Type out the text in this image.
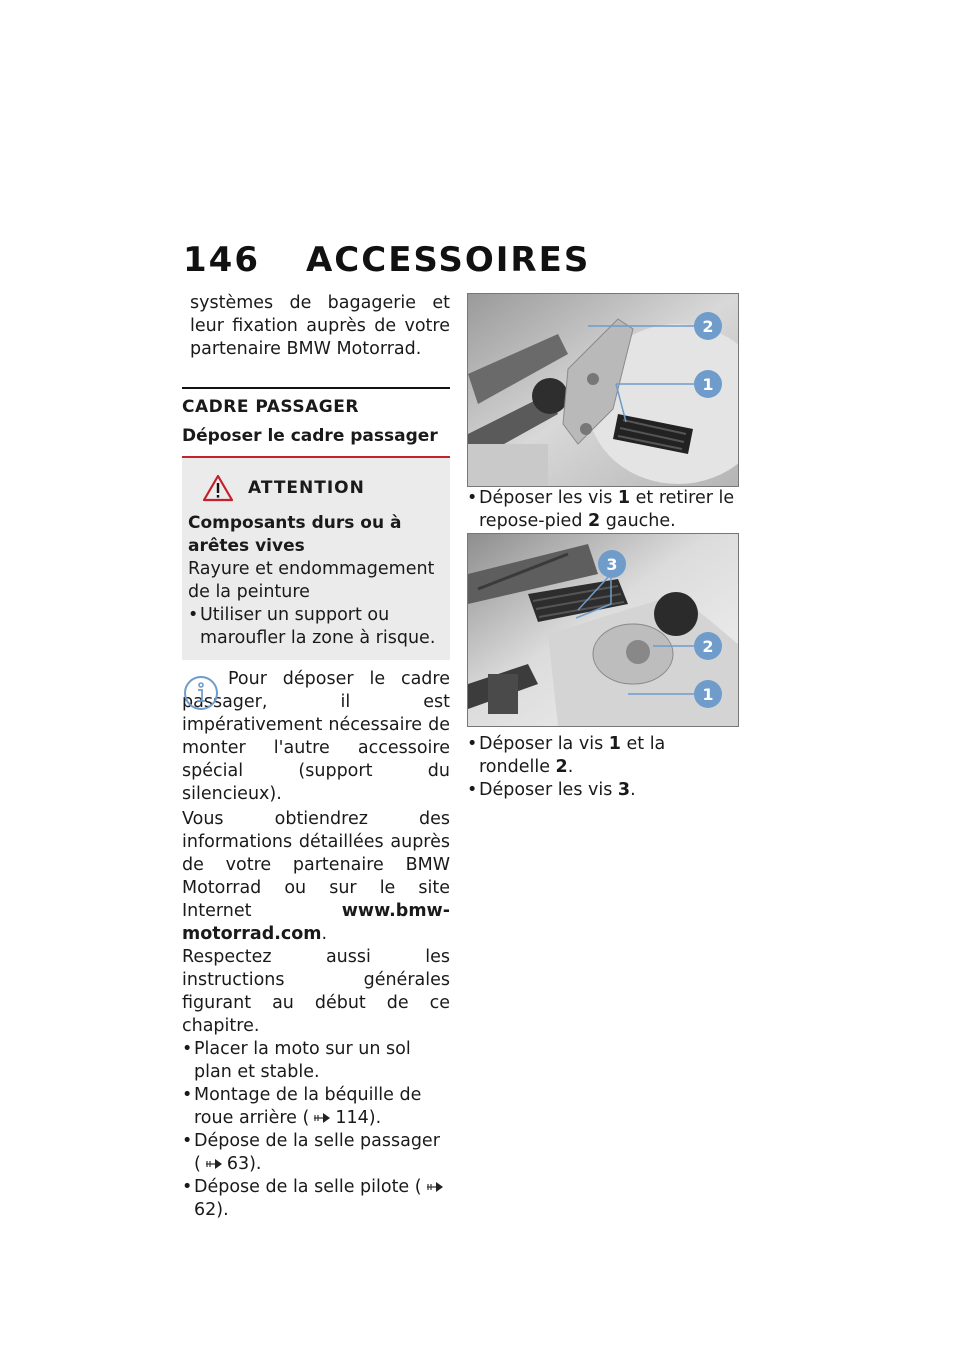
146 ACCESSOIRES

systèmes de bagagerie et leur fixation auprès de votre partenaire BMW Motorrad.

CADRE PASSAGER
Déposer le cadre passager
ATTENTION

Composants durs ou à arêtes vives

Rayure et endommagement de la peinture

• Utiliser un support ou maroufler la zone à risque.

Pour déposer le cadre passager, il est impérativement nécessaire de monter l'autre accessoire spécial (support du silencieux).

Vous obtiendrez des informations détaillées auprès de votre partenaire BMW Motorrad ou sur le site Internet www.bmw-motorrad.com.

Respectez aussi les instructions générales figurant au début de ce chapitre.

• Placer la moto sur un sol plan et stable.
• Montage de la béquille de roue arrière ( 114).
• Dépose de la selle passager ( 63).
• Dépose de la selle pilote (62).
2
1
• Déposer les vis 1 et retirer le repose-pied 2 gauche.
3
2
1
• Déposer la vis 1 et la rondelle 2.
• Déposer les vis 3.
